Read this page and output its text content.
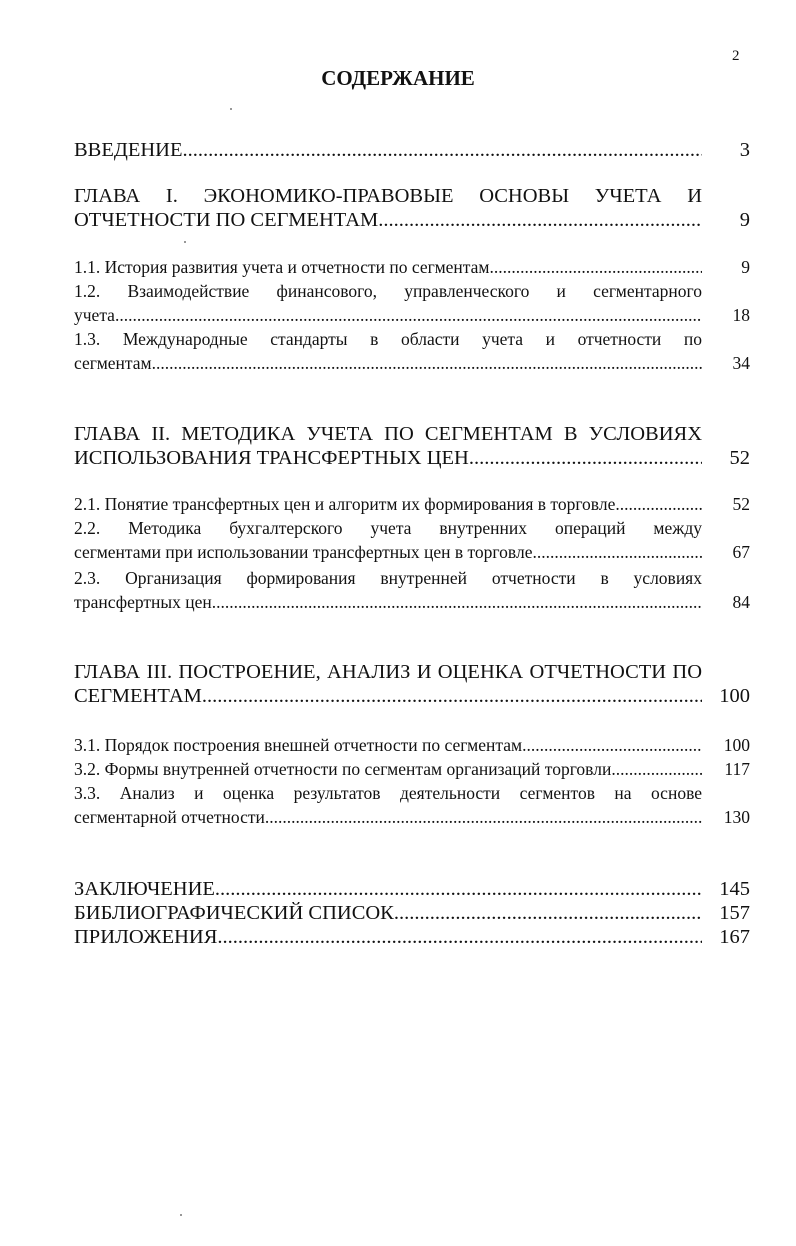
2
СОДЕРЖАНИЕ
ВВЕДЕНИЕ .....	3
ГЛАВА I. ЭКОНОМИКО-ПРАВОВЫЕ ОСНОВЫ УЧЕТА И
ОТЧЕТНОСТИ ПО СЕГМЕНТАМ .....	9
1.1. История развития учета и отчетности по сегментам .....	9
1.2. Взаимодействие финансового, управленческого и сегментарного
учета .....	18
1.3. Международные стандарты в области учета и отчетности по
сегментам .....	34
ГЛАВА II. МЕТОДИКА УЧЕТА ПО СЕГМЕНТАМ В УСЛОВИЯХ
ИСПОЛЬЗОВАНИЯ ТРАНСФЕРТНЫХ ЦЕН .....	52
2.1. Понятие трансфертных цен и алгоритм их формирования в торговле .....	52
2.2. Методика бухгалтерского учета внутренних операций между
сегментами при использовании трансфертных цен в торговле .....	67
2.3. Организация формирования внутренней отчетности в условиях
трансфертных цен .....	84
ГЛАВА III. ПОСТРОЕНИЕ, АНАЛИЗ И ОЦЕНКА ОТЧЕТНОСТИ ПО
СЕГМЕНТАМ .....	100
3.1. Порядок построения внешней отчетности по сегментам .....	100
3.2. Формы внутренней отчетности по сегментам организаций торговли .....	117
3.3. Анализ и оценка результатов деятельности сегментов на основе
сегментарной отчетности .....	130
ЗАКЛЮЧЕНИЕ .....	145
БИБЛИОГРАФИЧЕСКИЙ СПИСОК .....	157
ПРИЛОЖЕНИЯ .....	167
